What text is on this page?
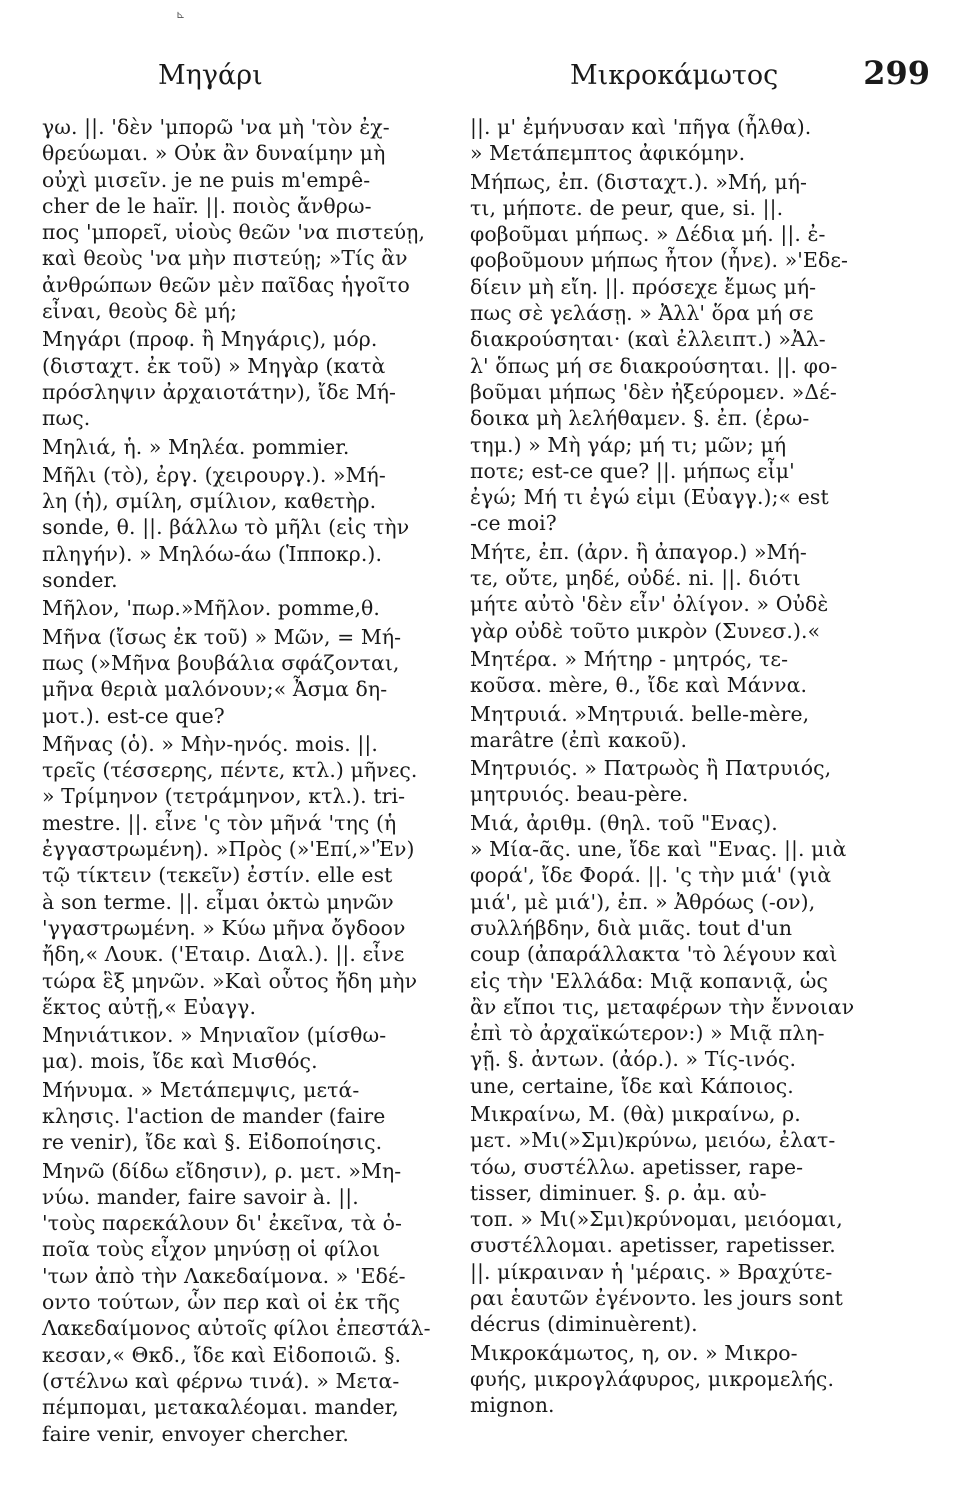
⊾
Μηγάρι	Μικροκάμωτος	299

γω. ||. 'δὲν 'μπορῶ 'να μὴ 'τὸν ἐχ-
θρεύωμαι. » Οὐκ ἂν δυναίμην μὴ
οὐχὶ μισεῖν. je ne puis m'empê-
cher de le haïr. ||. ποιὸς ἄνθρω-
πος 'μπορεῖ, υἱοὺς θεῶν 'να πιστεύῃ,
καὶ θεοὺς 'να μὴν πιστεύῃ; »Τίς ἂν
ἀνθρώπων θεῶν μὲν παῖδας ἡγοῖτο
εἶναι, θεοὺς δὲ μή;

Μηγάρι (προφ. ἢ Μηγάρις), μόρ.
(δισταχτ. ἐκ τοῦ) » Μηγὰρ (κατὰ
πρόσληψιν ἀρχαιοτάτην), ἴδε Μή-
πως.

Μηλιά, ἡ. » Μηλέα. pommier.

Μῆλι (τὸ), ἐργ. (χειρουργ.). »Μή-
λη (ἡ), σμίλη, σμίλιον, καθετὴρ.
sonde, θ. ||. βάλλω τὸ μῆλι (εἰς τὴν
πληγήν). » Μηλόω-άω (Ἱπποκρ.).
sonder.

Μῆλον, 'πωρ.»Μῆλον. pomme,θ.

Μῆνα (ἴσως ἐκ τοῦ) » Μῶν, = Μή-
πως (»Μῆνα βουβάλια σφάζονται,
μῆνα θεριὰ μαλόνουν;« Ἆσμα δη-
μοτ.). est-ce que?

Μῆνας (ὁ). » Μὴν-ηνός. mois. ||.
τρεῖς (τέσσερης, πέντε, κτλ.) μῆνες.
» Τρίμηνον (τετράμηνον, κτλ.). tri-
mestre. ||. εἶνε 'ς τὸν μῆνά 'της (ἡ
ἐγγαστρωμένη). »Πρὸς (»'Επί,»'Ἐν)
τῷ τίκτειν (τεκεῖν) ἐστίν. elle est
à son terme. ||. εἶμαι ὀκτὼ μηνῶν
'γγαστρωμένη. » Κύω μῆνα ὄγδοον
ἤδη,« Λουκ. ('Εταιρ. Διαλ.). ||. εἶνε
τώρα ἓξ μηνῶν. »Καὶ οὗτος ἤδη μὴν
ἕκτος αὐτῇ,« Εὐαγγ.

Μηνιάτικον. » Μηνιαῖον (μίσθω-
μα). mois, ἴδε καὶ Μισθός.

Μήνυμα. » Μετάπεμψις, μετά-
κλησις. l'action de mander (faire
re venir), ἴδε καὶ §. Εἰδοποίησις.

Μηνῶ (δίδω εἴδησιν), ρ. μετ. »Μη-
νύω. mander, faire savoir à. ||.
'τοὺς παρεκάλουν δι' ἐκεῖνα, τὰ ὁ-
ποῖα τοὺς εἶχον μηνύσῃ οἱ φίλοι
'των ἀπὸ τὴν Λακεδαίμονα. » 'Εδέ-
οντο τούτων, ὧν περ καὶ οἱ ἐκ τῆς
Λακεδαίμονος αὐτοῖς φίλοι ἐπεστάλ-
κεσαν,« Θκδ., ἴδε καὶ Εἰδοποιῶ. §.
(στέλνω καὶ φέρνω τινά). » Μετα-
πέμπομαι, μετακαλέομαι. mander,
faire venir, envoyer chercher.

||. μ' ἐμήνυσαν καὶ 'πῆγα (ἦλθα).
» Μετάπεμπτος ἀφικόμην.

Μήπως, ἐπ. (δισταχτ.). »Μή, μή-
τι, μήποτε. de peur, que, si. ||.
φοβοῦμαι μήπως. » Δέδια μή. ||. ἐ-
φοβοῦμουν μήπως ἦτον (ἦνε). »'Εδε-
δίειν μὴ εἴη. ||. πρόσεχε ἔμως μή-
πως σὲ γελάσῃ. » Ἀλλ' ὅρα μή σε
διακρούσηται· (καὶ ἐλλειπτ.) »Ἀλ-
λ' ὅπως μή σε διακρούσηται. ||. φο-
βοῦμαι μήπως 'δὲν ἠξεύρομεν. »Δέ-
δοικα μὴ λελήθαμεν. §. ἐπ. (ἐρω-
τημ.) » Μὴ γάρ; μή τι; μῶν; μή
ποτε; est-ce que? ||. μήπως εἶμ'
ἐγώ; Μή τι ἐγώ εἰμι (Εὐαγγ.);« est
-ce moi?

Μήτε, ἐπ. (ἀρν. ἢ ἀπαγορ.) »Μή-
τε, οὔτε, μηδέ, οὐδέ. ni. ||. διότι
μήτε αὐτὸ 'δὲν εἶν' ὀλίγον. » Οὐδὲ
γὰρ οὐδὲ τοῦτο μικρὸν (Συνεσ.).«

Μητέρα. » Μήτηρ - μητρός, τε-
κοῦσα. mère, θ., ἴδε καὶ Μάννα.

Μητρυιά. »Μητρυιά. belle-mère,
marâtre (ἐπὶ κακοῦ).

Μητρυιός. » Πατρωὸς ἢ Πατρυιός,
μητρυιός. beau-père.

Μιά, ἀριθμ. (θηλ. τοῦ "Ενας).
» Μία-ᾶς. une, ἴδε καὶ "Ενας. ||. μιὰ
φορά', ἴδε Φορά. ||. 'ς τὴν μιά' (γιὰ
μιά', μὲ μιά'), ἐπ. » Ἀθρόως (-ον),
συλλήβδην, διὰ μιᾶς. tout d'un
coup (ἀπαράλλακτα 'τὸ λέγουν καὶ
εἰς τὴν 'Ελλάδα: Μιᾷ κοπανιᾷ, ὡς
ἂν εἴποι τις, μεταφέρων τὴν ἔννοιαν
ἐπὶ τὸ ἀρχαϊκώτερον:) » Μιᾷ πλη-
γῇ. §. ἀντων. (ἀόρ.). » Τίς-ινός.
une, certaine, ἴδε καὶ Κάποιος.

Μικραίνω, Μ. (θὰ) μικραίνω, ρ.
μετ. »Μι(»Σμι)κρύνω, μειόω, ἐλατ-
τόω, συστέλλω. apetisser, rape-
tisser, diminuer. §. ρ. ἀμ. αὐ-
τοπ. » Μι(»Σμι)κρύνομαι, μειόομαι,
συστέλλομαι. apetisser, rapetisser.
||. μίκραιναν ἡ 'μέραις. » Βραχύτε-
ραι ἑαυτῶν ἐγένοντο. les jours sont
décrus (diminuèrent).

Μικροκάμωτος, η, ον. » Μικρο-
φυής, μικρογλάφυρος, μικρομελής.
mignon.
